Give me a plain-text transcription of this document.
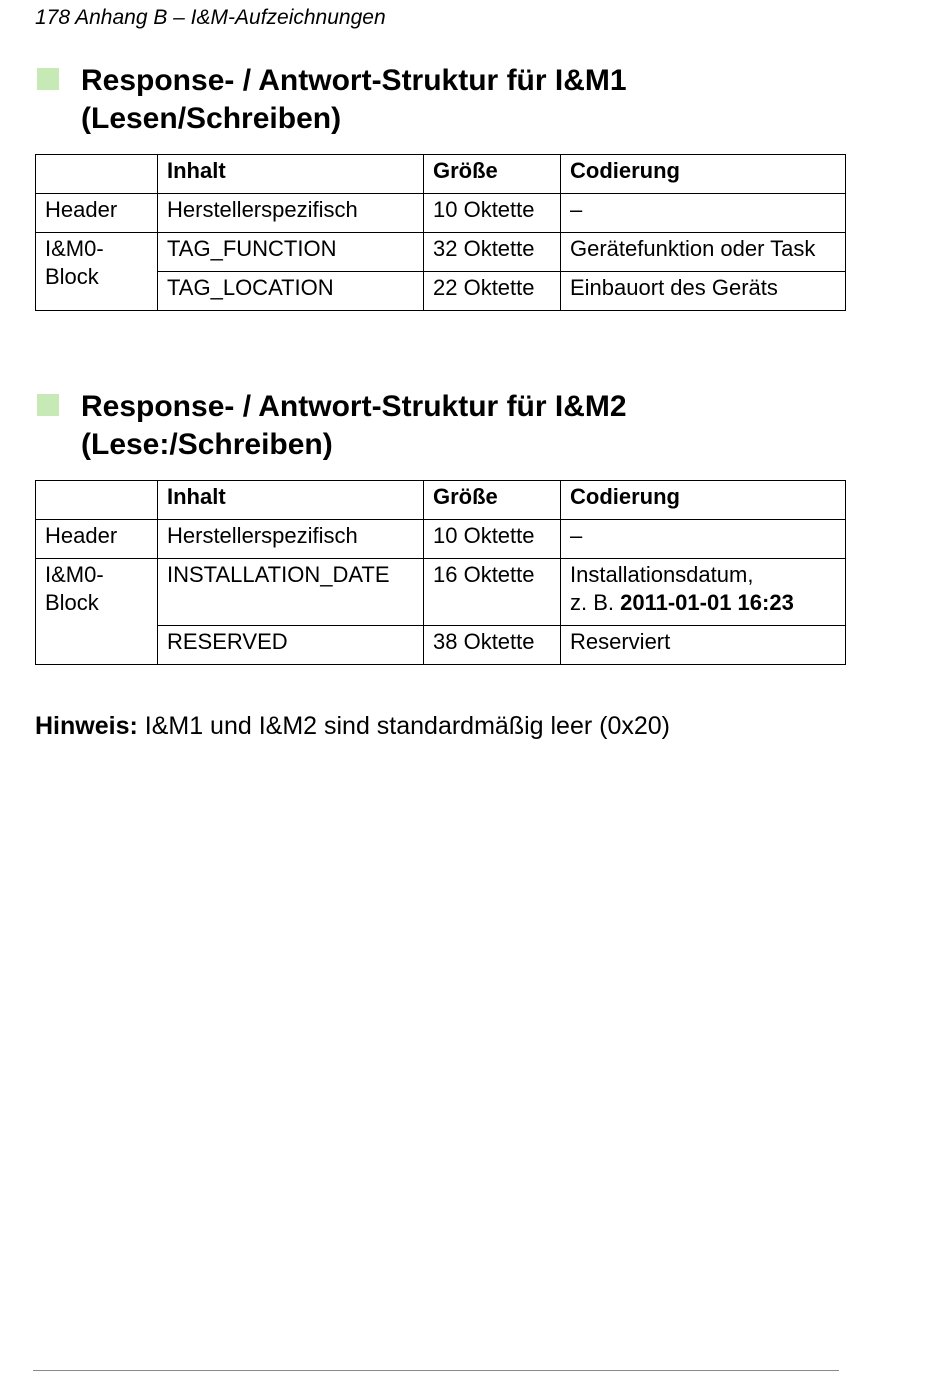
178 Anhang B – I&M-Aufzeichnungen
Response- / Antwort-Struktur für I&M1
(Lesen/Schreiben)
	Inhalt	Größe	Codierung
Header	Herstellerspezifisch	10 Oktette	–
I&M0-Block	TAG_FUNCTION	32 Oktette	Gerätefunktion oder Task
	TAG_LOCATION	22 Oktette	Einbauort des Geräts
Response- / Antwort-Struktur für I&M2
(Lese:/Schreiben)
	Inhalt	Größe	Codierung
Header	Herstellerspezifisch	10 Oktette	–
I&M0-Block	INSTALLATION_DATE	16 Oktette	Installationsdatum,
z. B. 2011-01-01 16:23

	RESERVED	38 Oktette	Reserviert
Hinweis: I&M1 und I&M2 sind standardmäßig leer (0x20)
